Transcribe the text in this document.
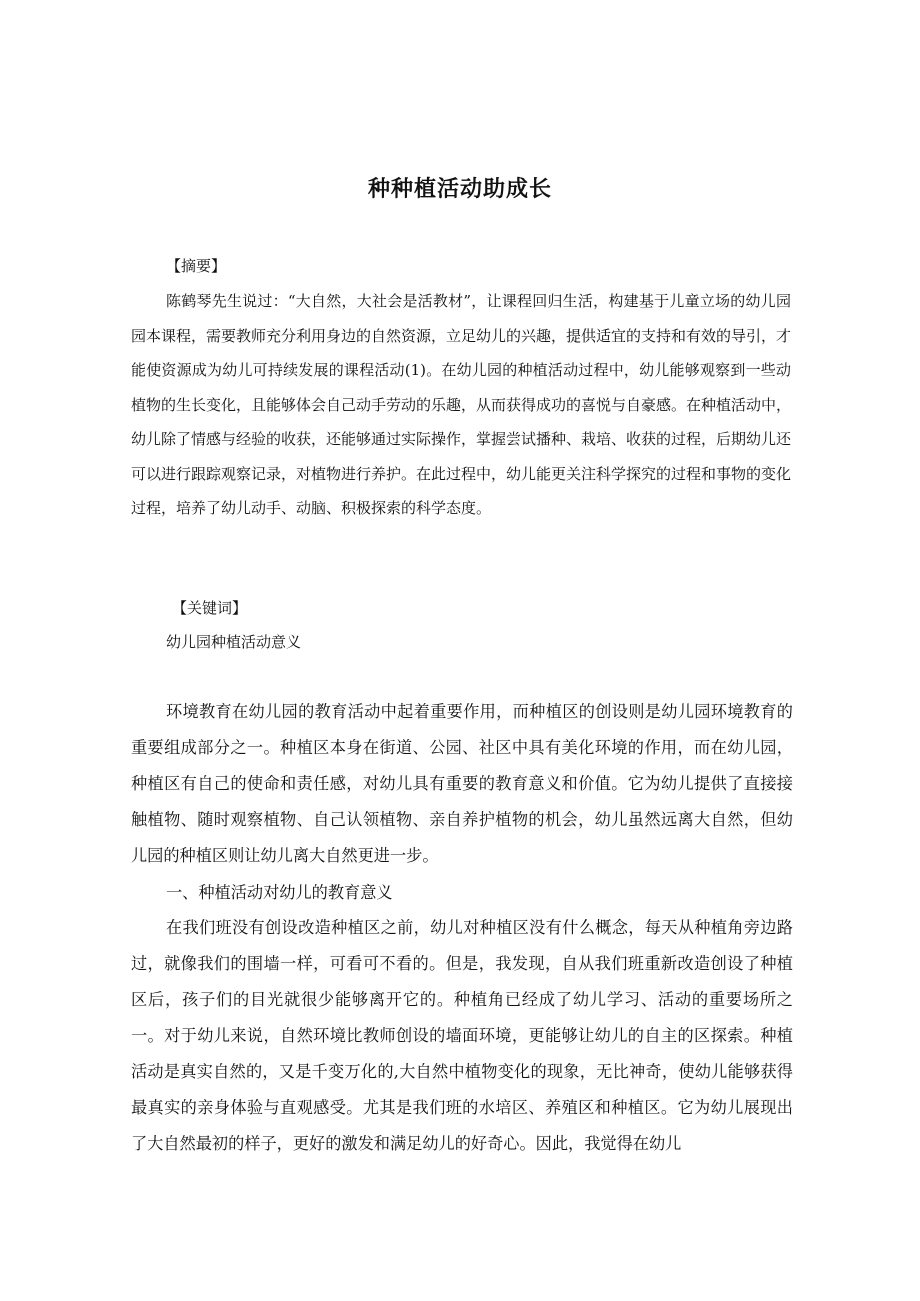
种种植活动助成长
【摘要】

陈鹤琴先生说过：“大自然，大社会是活教材”，让课程回归生活，构建基于儿童立场的幼儿园园本课程，需要教师充分利用身边的自然资源，立足幼儿的兴趣，提供适宜的支持和有效的导引，才能使资源成为幼儿可持续发展的课程活动(1)。在幼儿园的种植活动过程中，幼儿能够观察到一些动植物的生长变化，且能够体会自己动手劳动的乐趣，从而获得成功的喜悦与自豪感。在种植活动中，幼儿除了情感与经验的收获，还能够通过实际操作，掌握尝试播种、栽培、收获的过程，后期幼儿还可以进行跟踪观察记录，对植物进行养护。在此过程中，幼儿能更关注科学探究的过程和事物的变化过程，培养了幼儿动手、动脑、积极探索的科学态度。

【关键词】
幼儿园种植活动意义

环境教育在幼儿园的教育活动中起着重要作用，而种植区的创设则是幼儿园环境教育的重要组成部分之一。种植区本身在街道、公园、社区中具有美化环境的作用，而在幼儿园，种植区有自己的使命和责任感，对幼儿具有重要的教育意义和价值。它为幼儿提供了直接接触植物、随时观察植物、自己认领植物、亲自养护植物的机会，幼儿虽然远离大自然，但幼儿园的种植区则让幼儿离大自然更进一步。

一、种植活动对幼儿的教育意义

在我们班没有创设改造种植区之前，幼儿对种植区没有什么概念，每天从种植角旁边路过，就像我们的围墙一样，可看可不看的。但是，我发现，自从我们班重新改造创设了种植区后，孩子们的目光就很少能够离开它的。种植角已经成了幼儿学习、活动的重要场所之一。对于幼儿来说，自然环境比教师创设的墙面环境，更能够让幼儿的自主的区探索。种植活动是真实自然的，又是千变万化的,大自然中植物变化的现象，无比神奇，使幼儿能够获得最真实的亲身体验与直观感受。尤其是我们班的水培区、养殖区和种植区。它为幼儿展现出了大自然最初的样子，更好的激发和满足幼儿的好奇心。因此，我觉得在幼儿
